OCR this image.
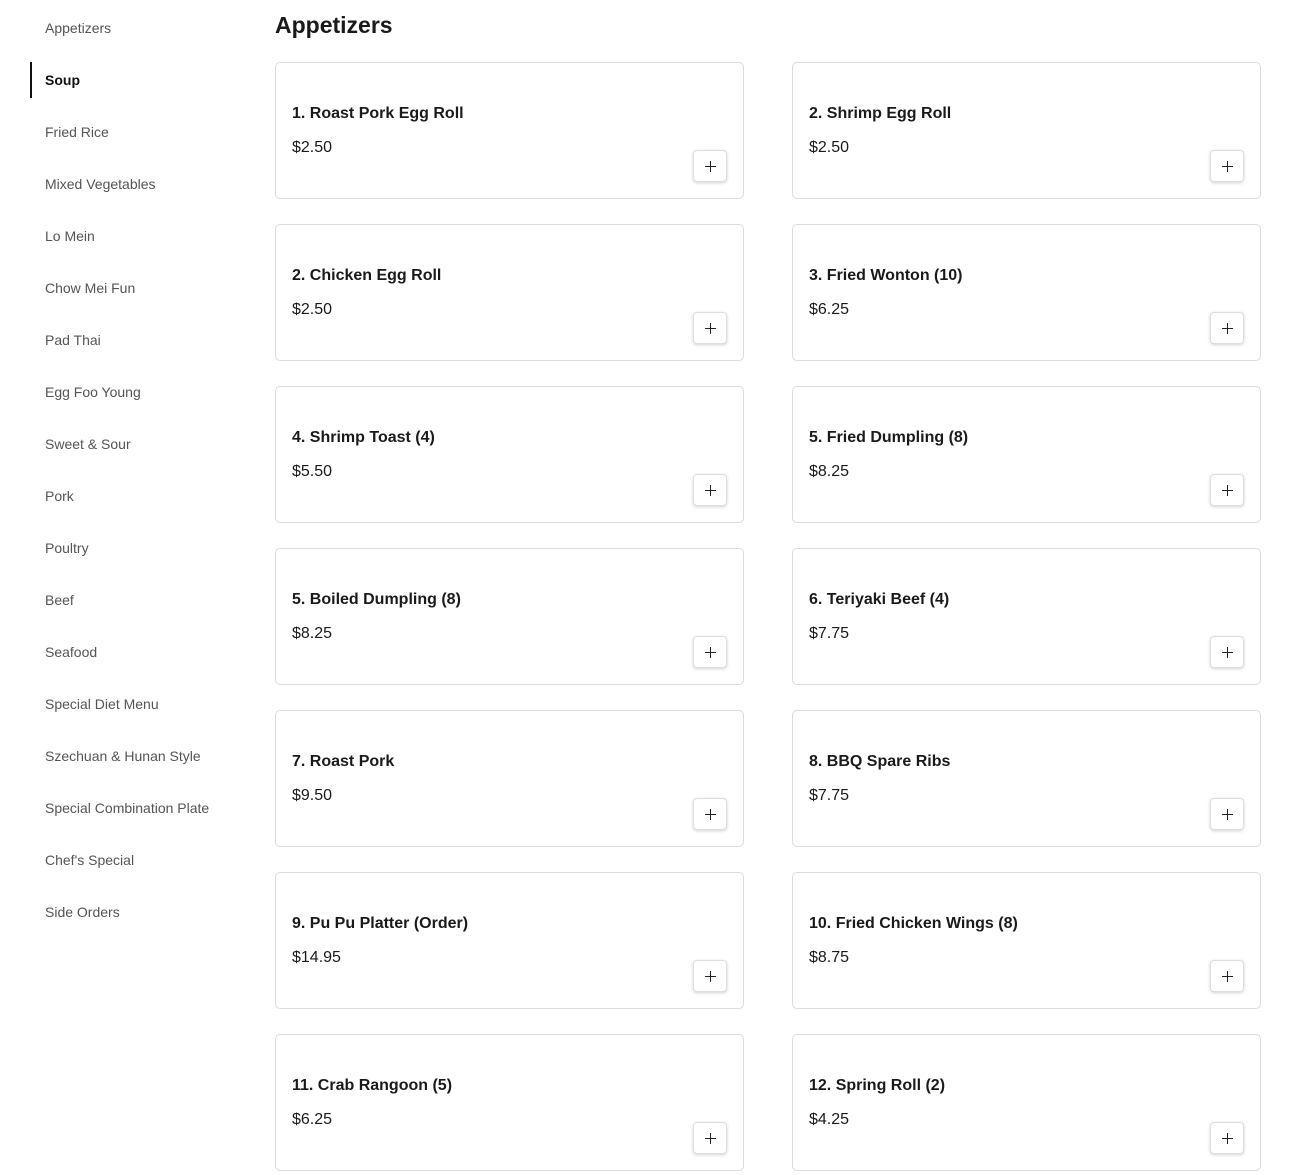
Appetizers
Soup
Fried Rice
Mixed Vegetables
Lo Mein
Chow Mei Fun
Pad Thai
Egg Foo Young
Sweet & Sour
Pork
Poultry
Beef
Seafood
Special Diet Menu
Szechuan & Hunan Style
Special Combination Plate
Chef's Special
Side Orders
Appetizers
1. Roast Pork Egg Roll
$2.50
2. Shrimp Egg Roll
$2.50
2. Chicken Egg Roll
$2.50
3. Fried Wonton (10)
$6.25
4. Shrimp Toast (4)
$5.50
5. Fried Dumpling (8)
$8.25
5. Boiled Dumpling (8)
$8.25
6. Teriyaki Beef (4)
$7.75
7. Roast Pork
$9.50
8. BBQ Spare Ribs
$7.75
9. Pu Pu Platter (Order)
$14.95
10. Fried Chicken Wings (8)
$8.75
11. Crab Rangoon (5)
$6.25
12. Spring Roll (2)
$4.25
